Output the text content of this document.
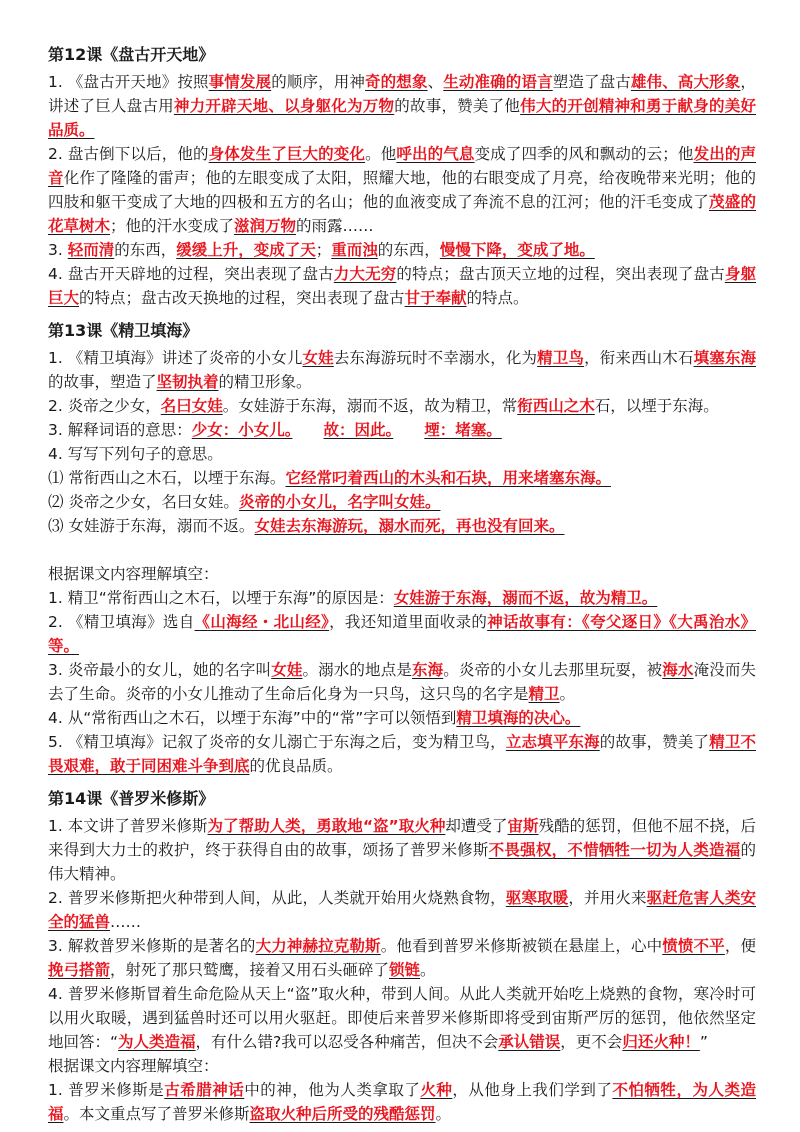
第12课《盘古开天地》

1. 《盘古开天地》按照事情发展的顺序，用神奇的想象、生动准确的语言塑造了盘古雄伟、高大形象，讲述了巨人盘古用神力开辟天地、以身躯化为万物的故事，赞美了他伟大的开创精神和勇于献身的美好品质。

2. 盘古倒下以后，他的身体发生了巨大的变化。他呼出的气息变成了四季的风和飘动的云；他发出的声音化作了隆隆的雷声；他的左眼变成了太阳，照耀大地，他的右眼变成了月亮，给夜晚带来光明；他的四肢和躯干变成了大地的四极和五方的名山；他的血液变成了奔流不息的江河；他的汗毛变成了茂盛的花草树木；他的汗水变成了滋润万物的雨露……

3. 轻而清的东西，缓缓上升，变成了天；重而浊的东西，慢慢下降，变成了地。

4. 盘古开天辟地的过程，突出表现了盘古力大无穷的特点；盘古顶天立地的过程，突出表现了盘古身躯巨大的特点；盘古改天换地的过程，突出表现了盘古甘于奉献的特点。

第13课《精卫填海》

1. 《精卫填海》讲述了炎帝的小女儿女娃去东海游玩时不幸溺水，化为精卫鸟，衔来西山木石填塞东海的故事，塑造了坚韧执着的精卫形象。

2. 炎帝之少女，名曰女娃。女娃游于东海，溺而不返，故为精卫，常衔西山之木石，以堙于东海。

3. 解释词语的意思：少女：小女儿。　　 故：因此。　　 堙：堵塞。

4. 写写下列句子的意思。

⑴ 常衔西山之木石，以堙于东海。它经常叼着西山的木头和石块，用来堵塞东海。

⑵ 炎帝之少女，名曰女娃。炎帝的小女儿，名字叫女娃。

⑶ 女娃游于东海，溺而不返。女娃去东海游玩，溺水而死，再也没有回来。

根据课文内容理解填空：

1. 精卫“常衔西山之木石，以堙于东海”的原因是：女娃游于东海，溺而不返，故为精卫。

2. 《精卫填海》选自《山海经・北山经》，我还知道里面收录的神话故事有：《夸父逐日》《大禹治水》等。

3. 炎帝最小的女儿，她的名字叫女娃。溺水的地点是东海。炎帝的小女儿去那里玩耍，被海水淹没而失去了生命。炎帝的小女儿推动了生命后化身为一只鸟，这只鸟的名字是精卫。

4. 从“常衔西山之木石，以堙于东海”中的“常”字可以领悟到精卫填海的决心。

5. 《精卫填海》记叙了炎帝的女儿溺亡于东海之后，变为精卫鸟，立志填平东海的故事，赞美了精卫不畏艰难，敢于同困难斗争到底的优良品质。

第14课《普罗米修斯》

1. 本文讲了普罗米修斯为了帮助人类，勇敢地“盗”取火种却遭受了宙斯残酷的惩罚，但他不屈不挠，后来得到大力士的救护，终于获得自由的故事，颂扬了普罗米修斯不畏强权，不惜牺牲一切为人类造福的伟大精神。

2. 普罗米修斯把火种带到人间，从此，人类就开始用火烧熟食物，驱寒取暖，并用火来驱赶危害人类安全的猛兽……

3. 解救普罗米修斯的是著名的大力神赫拉克勒斯。他看到普罗米修斯被锁在悬崖上，心中愤愤不平，便挽弓搭箭，射死了那只鹫鹰，接着又用石头砸碎了锁链。

4. 普罗米修斯冒着生命危险从天上“盗”取火种，带到人间。从此人类就开始吃上烧熟的食物，寒冷时可以用火取暖，遇到猛兽时还可以用火驱赶。即使后来普罗米修斯即将受到宙斯严厉的惩罚，他依然坚定地回答：“为人类造福，有什么错?我可以忍受各种痛苦，但决不会承认错误，更不会归还火种！”

根据课文内容理解填空：

1. 普罗米修斯是古希腊神话中的神，他为人类拿取了火种，从他身上我们学到了不怕牺牲，为人类造福。本文重点写了普罗米修斯盗取火种后所受的残酷惩罚。
